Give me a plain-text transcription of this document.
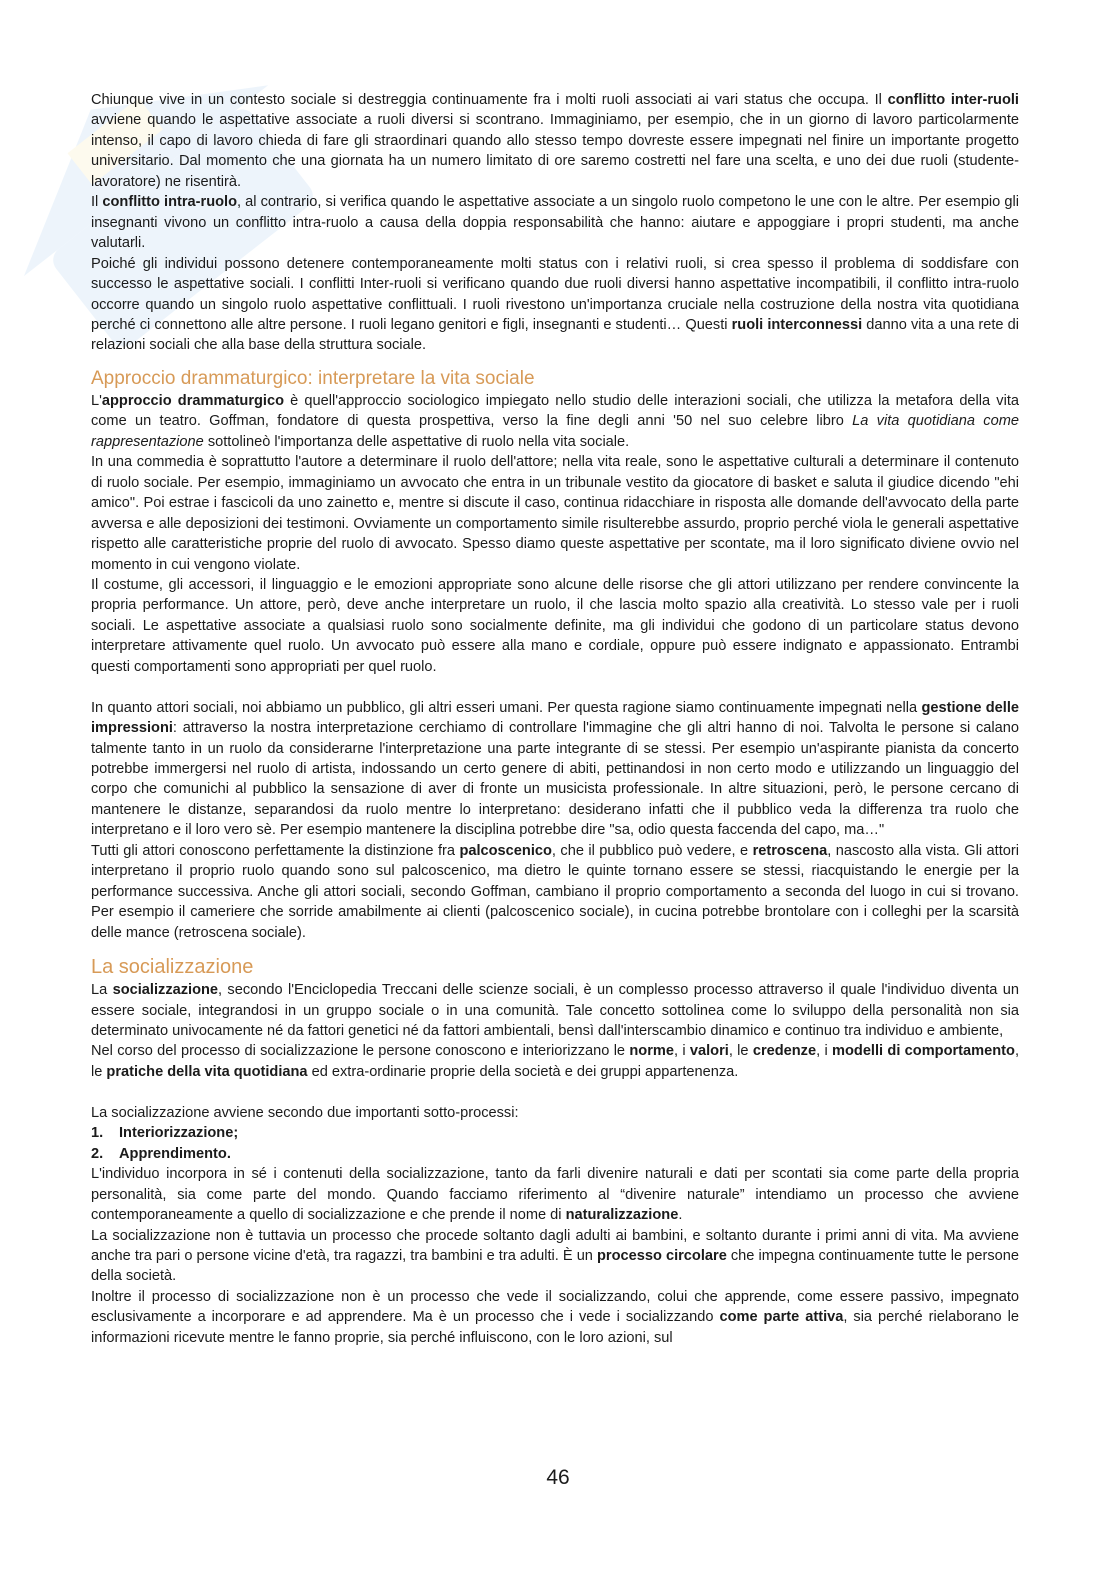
Chiunque vive in un contesto sociale si destreggia continuamente fra i molti ruoli associati ai vari status che occupa. Il conflitto inter-ruoli avviene quando le aspettative associate a ruoli diversi si scontrano. Immaginiamo, per esempio, che in un giorno di lavoro particolarmente intenso, il capo di lavoro chieda di fare gli straordinari quando allo stesso tempo dovreste essere impegnati nel finire un importante progetto universitario. Dal momento che una giornata ha un numero limitato di ore saremo costretti nel fare una scelta, e uno dei due ruoli (studente-lavoratore) ne risentirà.

Il conflitto intra-ruolo, al contrario, si verifica quando le aspettative associate a un singolo ruolo competono le une con le altre. Per esempio gli insegnanti vivono un conflitto intra-ruolo a causa della doppia responsabilità che hanno: aiutare e appoggiare i propri studenti, ma anche valutarli.

Poiché gli individui possono detenere contemporaneamente molti status con i relativi ruoli, si crea spesso il problema di soddisfare con successo le aspettative sociali. I conflitti Inter-ruoli si verificano quando due ruoli diversi hanno aspettative incompatibili, il conflitto intra-ruolo occorre quando un singolo ruolo aspettative conflittuali. I ruoli rivestono un'importanza cruciale nella costruzione della nostra vita quotidiana perché ci connettono alle altre persone. I ruoli legano genitori e figli, insegnanti e studenti… Questi ruoli interconnessi danno vita a una rete di relazioni sociali che alla base della struttura sociale.

Approccio drammaturgico: interpretare la vita sociale

L'approccio drammaturgico è quell'approccio sociologico impiegato nello studio delle interazioni sociali, che utilizza la metafora della vita come un teatro. Goffman, fondatore di questa prospettiva, verso la fine degli anni '50 nel suo celebre libro La vita quotidiana come rappresentazione sottolineò l'importanza delle aspettative di ruolo nella vita sociale.

In una commedia è soprattutto l'autore a determinare il ruolo dell'attore; nella vita reale, sono le aspettative culturali a determinare il contenuto di ruolo sociale. Per esempio, immaginiamo un avvocato che entra in un tribunale vestito da giocatore di basket e saluta il giudice dicendo "ehi amico". Poi estrae i fascicoli da uno zainetto e, mentre si discute il caso, continua ridacchiare in risposta alle domande dell'avvocato della parte avversa e alle deposizioni dei testimoni. Ovviamente un comportamento simile risulterebbe assurdo, proprio perché viola le generali aspettative rispetto alle caratteristiche proprie del ruolo di avvocato. Spesso diamo queste aspettative per scontate, ma il loro significato diviene ovvio nel momento in cui vengono violate.

Il costume, gli accessori, il linguaggio e le emozioni appropriate sono alcune delle risorse che gli attori utilizzano per rendere convincente la propria performance. Un attore, però, deve anche interpretare un ruolo, il che lascia molto spazio alla creatività. Lo stesso vale per i ruoli sociali. Le aspettative associate a qualsiasi ruolo sono socialmente definite, ma gli individui che godono di un particolare status devono interpretare attivamente quel ruolo. Un avvocato può essere alla mano e cordiale, oppure può essere indignato e appassionato. Entrambi questi comportamenti sono appropriati per quel ruolo.

In quanto attori sociali, noi abbiamo un pubblico, gli altri esseri umani. Per questa ragione siamo continuamente impegnati nella gestione delle impressioni: attraverso la nostra interpretazione cerchiamo di controllare l'immagine che gli altri hanno di noi. Talvolta le persone si calano talmente tanto in un ruolo da considerarne l'interpretazione una parte integrante di se stessi. Per esempio un'aspirante pianista da concerto potrebbe immergersi nel ruolo di artista, indossando un certo genere di abiti, pettinandosi in non certo modo e utilizzando un linguaggio del corpo che comunichi al pubblico la sensazione di aver di fronte un musicista professionale. In altre situazioni, però, le persone cercano di mantenere le distanze, separandosi da ruolo mentre lo interpretano: desiderano infatti che il pubblico veda la differenza tra ruolo che interpretano e il loro vero sè. Per esempio mantenere la disciplina potrebbe dire "sa, odio questa faccenda del capo, ma…"

Tutti gli attori conoscono perfettamente la distinzione fra palcoscenico, che il pubblico può vedere, e retroscena, nascosto alla vista. Gli attori interpretano il proprio ruolo quando sono sul palcoscenico, ma dietro le quinte tornano essere se stessi, riacquistando le energie per la performance successiva. Anche gli attori sociali, secondo Goffman, cambiano il proprio comportamento a seconda del luogo in cui si trovano. Per esempio il cameriere che sorride amabilmente ai clienti (palcoscenico sociale), in cucina potrebbe brontolare con i colleghi per la scarsità delle mance (retroscena sociale).

La socializzazione

La socializzazione, secondo l'Enciclopedia Treccani delle scienze sociali, è un complesso processo attraverso il quale l'individuo diventa un essere sociale, integrandosi in un gruppo sociale o in una comunità. Tale concetto sottolinea come lo sviluppo della personalità non sia determinato univocamente né da fattori genetici né da fattori ambientali, bensì dall'interscambio dinamico e continuo tra individuo e ambiente,

Nel corso del processo di socializzazione le persone conoscono e interiorizzano le norme, i valori, le credenze, i modelli di comportamento, le pratiche della vita quotidiana ed extra-ordinarie proprie della società e dei gruppi appartenenza.

La socializzazione avviene secondo due importanti sotto-processi:

1. Interiorizzazione;
2. Apprendimento.

L'individuo incorpora in sé i contenuti della socializzazione, tanto da farli divenire naturali e dati per scontati sia come parte della propria personalità, sia come parte del mondo. Quando facciamo riferimento al “divenire naturale” intendiamo un processo che avviene contemporaneamente a quello di socializzazione e che prende il nome di naturalizzazione.

La socializzazione non è tuttavia un processo che procede soltanto dagli adulti ai bambini, e soltanto durante i primi anni di vita. Ma avviene anche tra pari o persone vicine d'età, tra ragazzi, tra bambini e tra adulti. È un processo circolare che impegna continuamente tutte le persone della società.

Inoltre il processo di socializzazione non è un processo che vede il socializzando, colui che apprende, come essere passivo, impegnato esclusivamente a incorporare e ad apprendere. Ma è un processo che i vede i socializzando come parte attiva, sia perché rielaborano le informazioni ricevute mentre le fanno proprie, sia perché influiscono, con le loro azioni, sul

46
